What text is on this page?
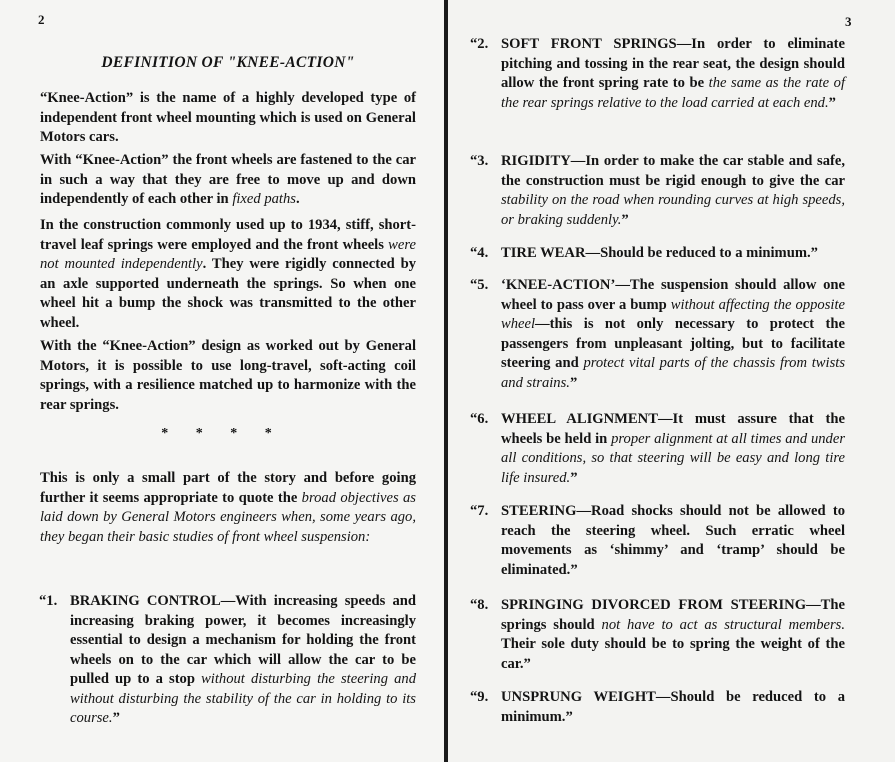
2
DEFINITION OF "KNEE-ACTION"
“Knee-Action” is the name of a highly developed type of independent front wheel mounting which is used on General Motors cars.
With “Knee-Action” the front wheels are fastened to the car in such a way that they are free to move up and down independently of each other in fixed paths.
In the construction commonly used up to 1934, stiff, short-travel leaf springs were employed and the front wheels were not mounted independently. They were rigidly connected by an axle supported underneath the springs. So when one wheel hit a bump the shock was transmitted to the other wheel.
With the “Knee-Action” design as worked out by General Motors, it is possible to use long-travel, soft-acting coil springs, with a resilience matched up to harmonize with the rear springs.
* * * *
This is only a small part of the story and before going further it seems appropriate to quote the broad objectives as laid down by General Motors engineers when, some years ago, they began their basic studies of front wheel suspension:
“1. BRAKING CONTROL—With increasing speeds and increasing braking power, it becomes increasingly essential to design a mechanism for holding the front wheels on to the car which will allow the car to be pulled up to a stop without disturbing the steering and without disturbing the stability of the car in holding to its course.”
3
“2. SOFT FRONT SPRINGS—In order to eliminate pitching and tossing in the rear seat, the design should allow the front spring rate to be the same as the rate of the rear springs relative to the load carried at each end.”
“3. RIGIDITY—In order to make the car stable and safe, the construction must be rigid enough to give the car stability on the road when rounding curves at high speeds, or braking suddenly.”
“4. TIRE WEAR—Should be reduced to a minimum.”
“5. ‘KNEE-ACTION’—The suspension should allow one wheel to pass over a bump without affecting the opposite wheel—this is not only necessary to protect the passengers from unpleasant jolting, but to facilitate steering and protect vital parts of the chassis from twists and strains.”
“6. WHEEL ALIGNMENT—It must assure that the wheels be held in proper alignment at all times and under all conditions, so that steering will be easy and long tire life insured.”
“7. STEERING—Road shocks should not be allowed to reach the steering wheel. Such erratic wheel movements as ‘shimmy’ and ‘tramp’ should be eliminated.”
“8. SPRINGING DIVORCED FROM STEERING—The springs should not have to act as structural members. Their sole duty should be to spring the weight of the car.”
“9. UNSPRUNG WEIGHT—Should be reduced to a minimum.”
